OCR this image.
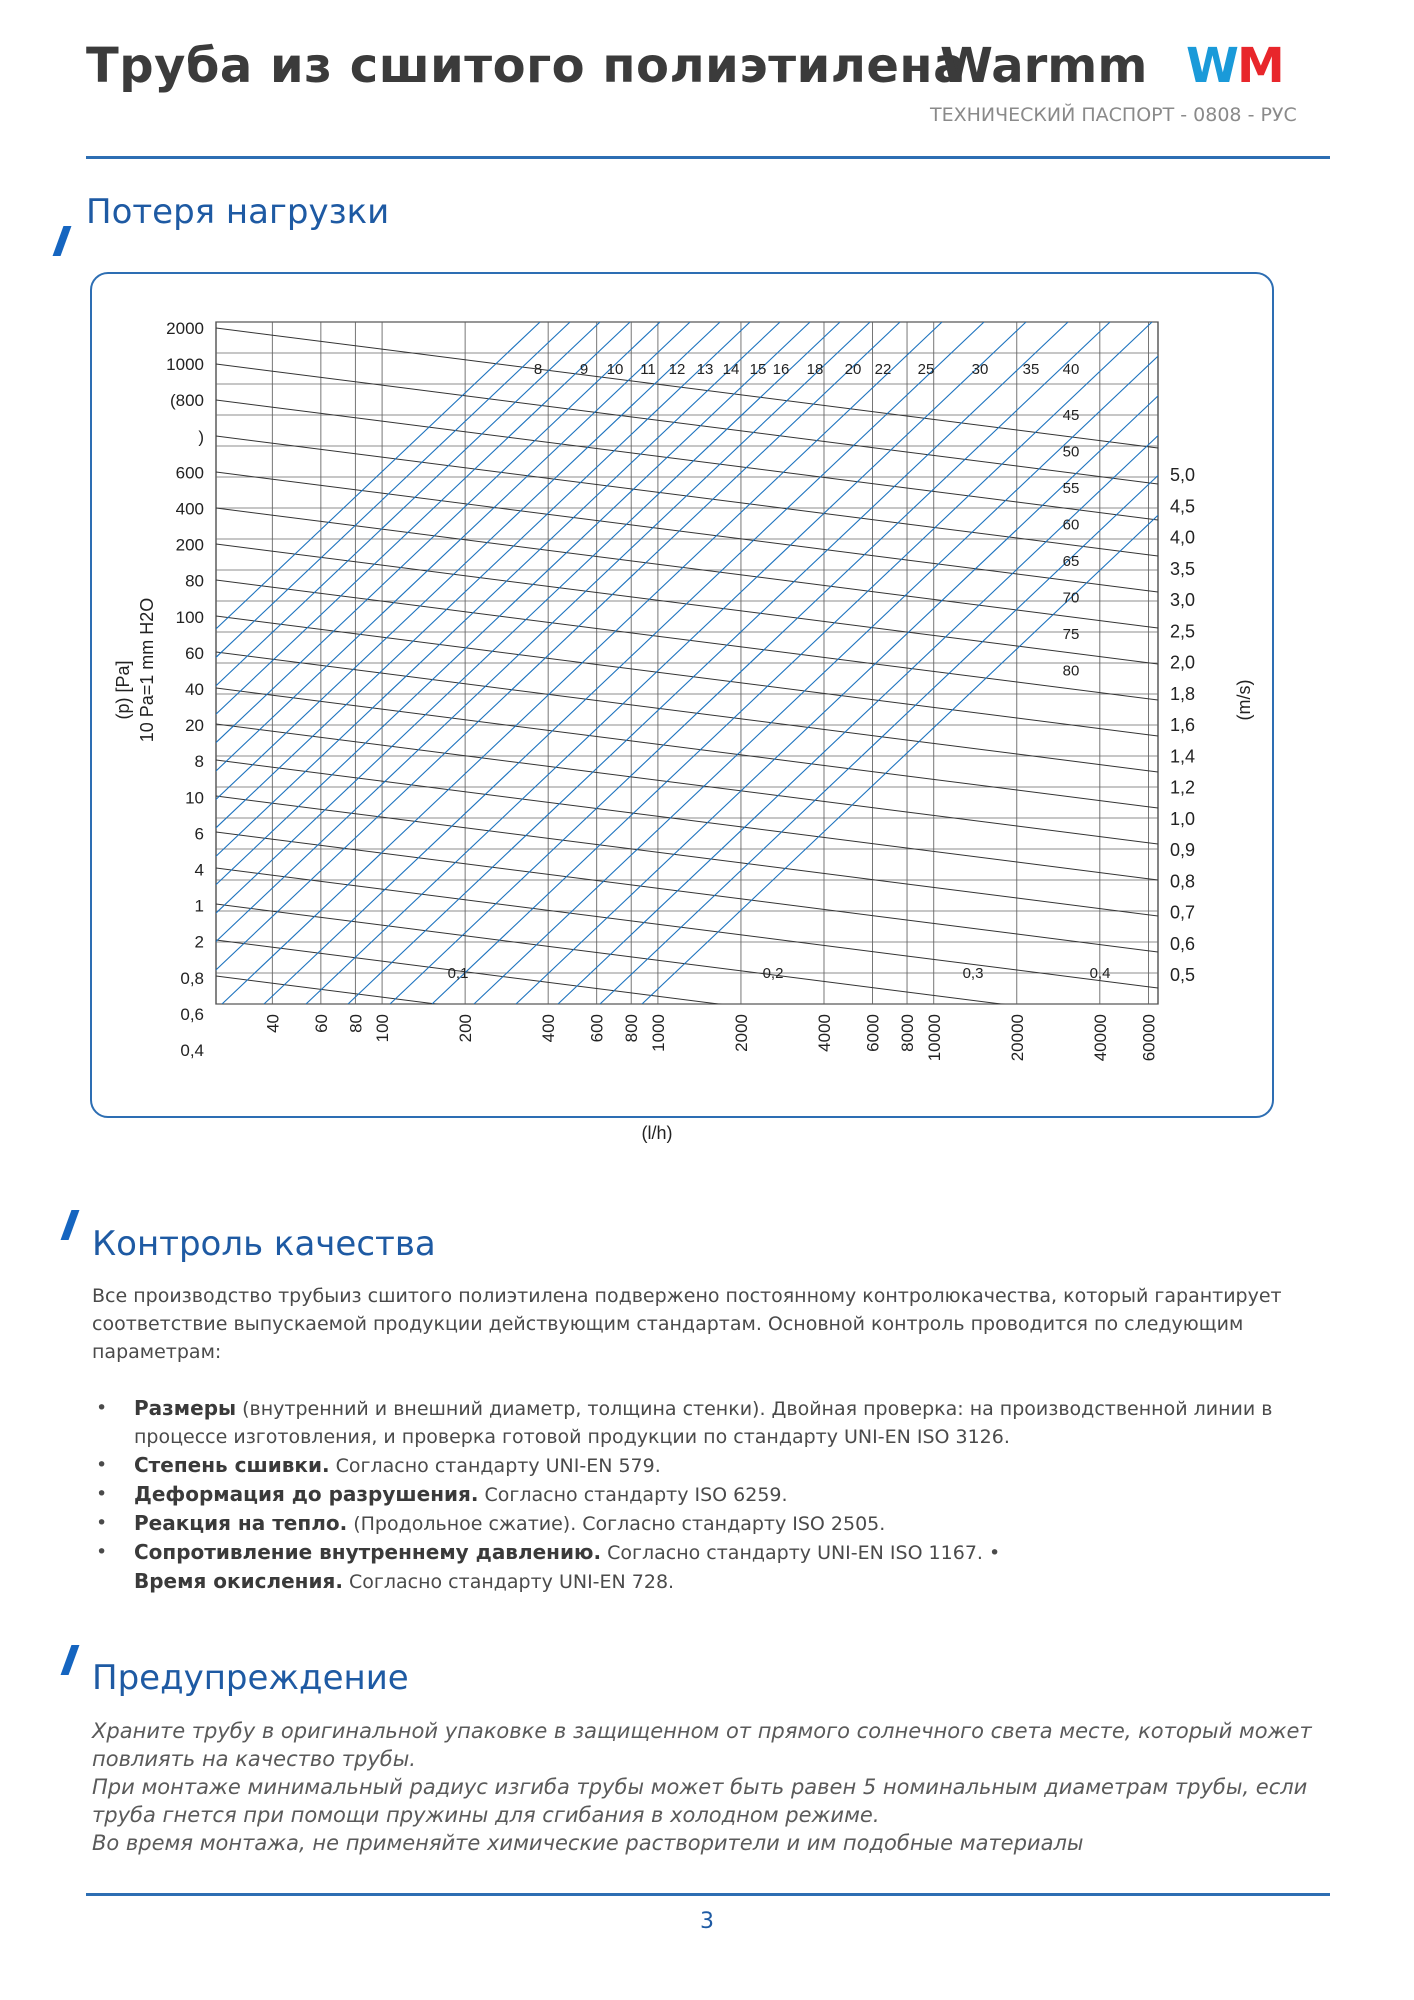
Труба из сшитого полиэтилена
Warmm WM
ТЕХНИЧЕСКИЙ ПАСПОРТ - 0808 - РУС
Потеря нагрузки
40 60 80 100	200	400 600 800 1000	2000	4000 6000 8000 10000	20000	40000 60000
2000
1000
(800
)
600
400
200
80
100
60
40
20
8
10
6
4
1
2
0,8
0,6
0,4
5,0
4,5
4,0
3,5
3,0
2,5
2,0
1,8
1,6
1,4
1,2
1,0
0,9
0,8
0,7
0,6
0,5
8	9 10 11 12 13 14 15 16 18 20 22 25 30 35 40
45
50
55
60
65
70
75
80
0,1	0,2	0,3	0,4
(p) [Pa] 10 Pa=1 mm H2O	(m/s)
(l/h)
Контроль качества
Все производство трубыиз сшитого полиэтилена подвержено постоянному контролюкачества, который гарантирует соответствие выпускаемой продукции действующим стандартам. Основной контроль проводится по следующим параметрам:
• Размеры (внутренний и внешний диаметр, толщина стенки). Двойная проверка: на производственной линии в процессе изготовления, и проверка готовой продукции по стандарту UNI-EN ISO 3126.
• Степень сшивки. Согласно стандарту UNI-EN 579.
• Деформация до разрушения. Согласно стандарту ISO 6259.
• Реакция на тепло. (Продольное сжатие). Согласно стандарту ISO 2505.
• Сопротивление внутреннему давлению. Согласно стандарту UNI-EN ISO 1167. •
Время окисления. Согласно стандарту UNI-EN 728.
Предупреждение

Храните трубу в оригинальной упаковке в защищенном от прямого солнечного света месте, который может повлиять на качество трубы.

При монтаже минимальный радиус изгиба трубы может быть равен 5 номинальным диаметрам трубы, если труба гнется при помощи пружины для сгибания в холодном режиме.

Во время монтажа, не применяйте химические растворители и им подобные материалы

3
